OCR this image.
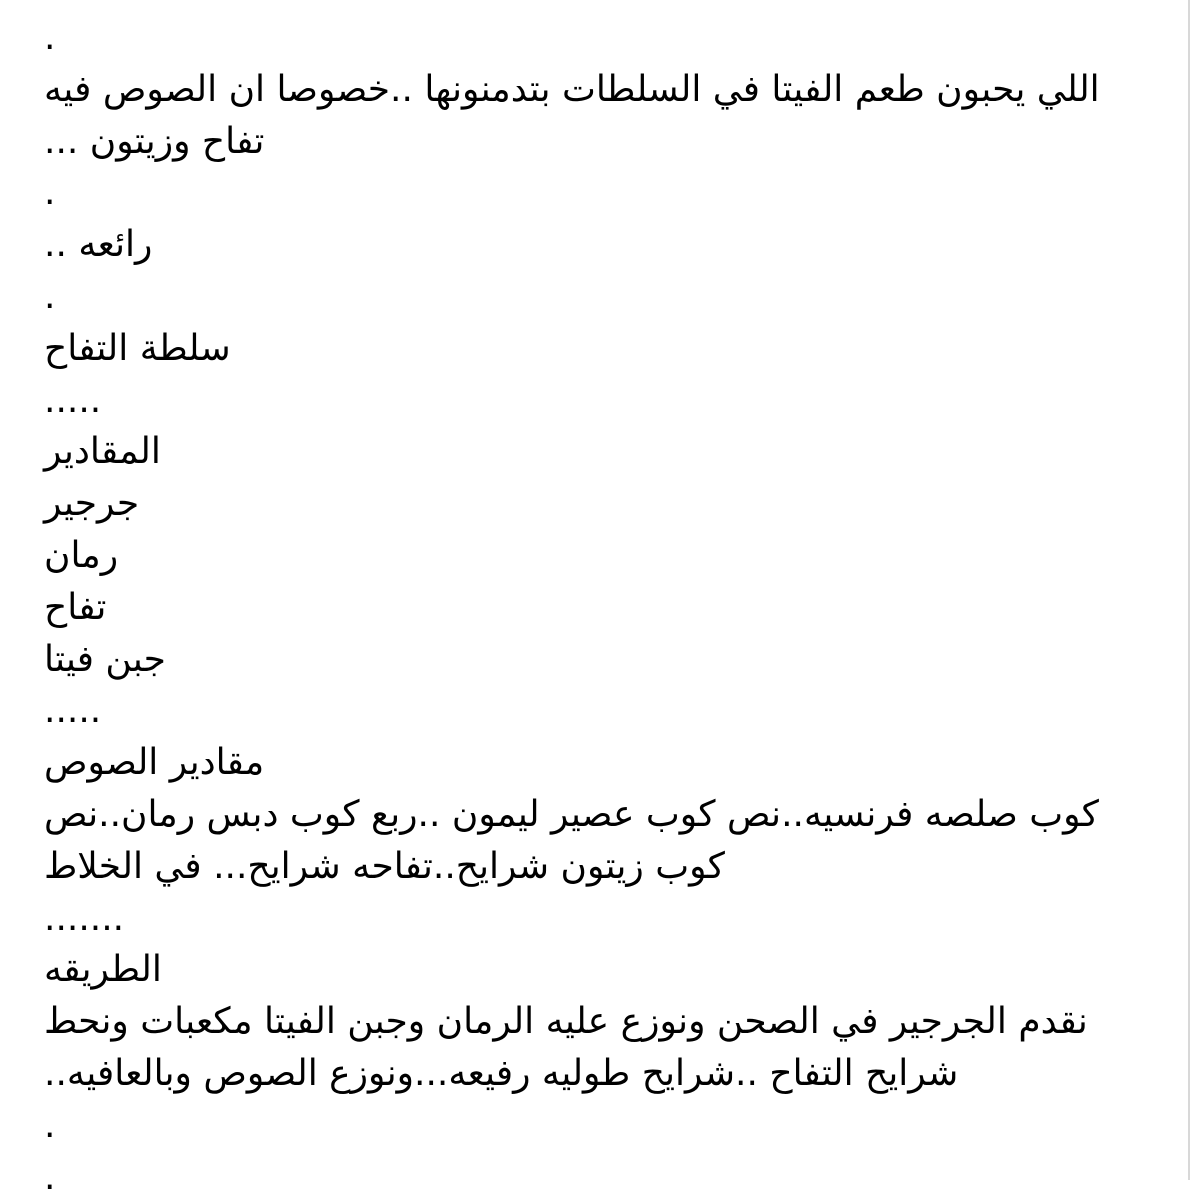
.
اللي يحبون طعم الفيتا في السلطات بتدمنونها ..خصوصا ان الصوص فيه
تفاح وزيتون ...
.
رائعه ..
.
سلطة التفاح
.....
المقادير
جرجير
رمان
تفاح
جبن فيتا
.....
مقادير الصوص
كوب صلصه فرنسيه..نص كوب عصير ليمون ..ربع كوب دبس رمان..نص
كوب زيتون شرايح..تفاحه شرايح... في الخلاط
.......
الطريقه
نقدم الجرجير في الصحن ونوزع عليه الرمان وجبن الفيتا مكعبات ونحط
شرايح التفاح ..شرايح طوليه رفيعه...ونوزع الصوص وبالعافيه..
.
.
